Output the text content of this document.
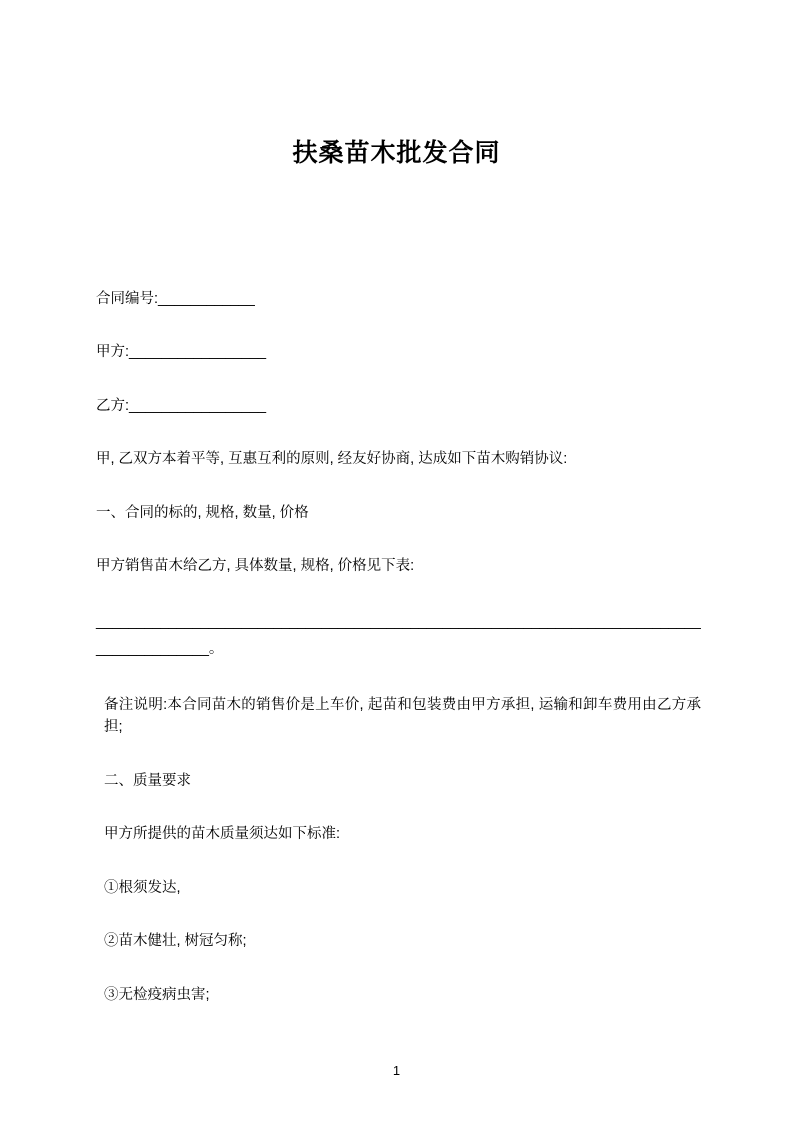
扶桑苗木批发合同

合同编号:____________

甲方:_________________

乙方:_________________

甲, 乙双方本着平等, 互惠互利的原则, 经友好协商, 达成如下苗木购销协议:

一、合同的标的, 规格, 数量, 价格

甲方销售苗木给乙方, 具体数量, 规格, 价格见下表:

_________________________________________________________________________________________。

备注说明:本合同苗木的销售价是上车价, 起苗和包装费由甲方承担, 运输和卸车费用由乙方承担;

二、质量要求

甲方所提供的苗木质量须达如下标准:

①根须发达,

②苗木健壮, 树冠匀称;

③无检疫病虫害;

1
